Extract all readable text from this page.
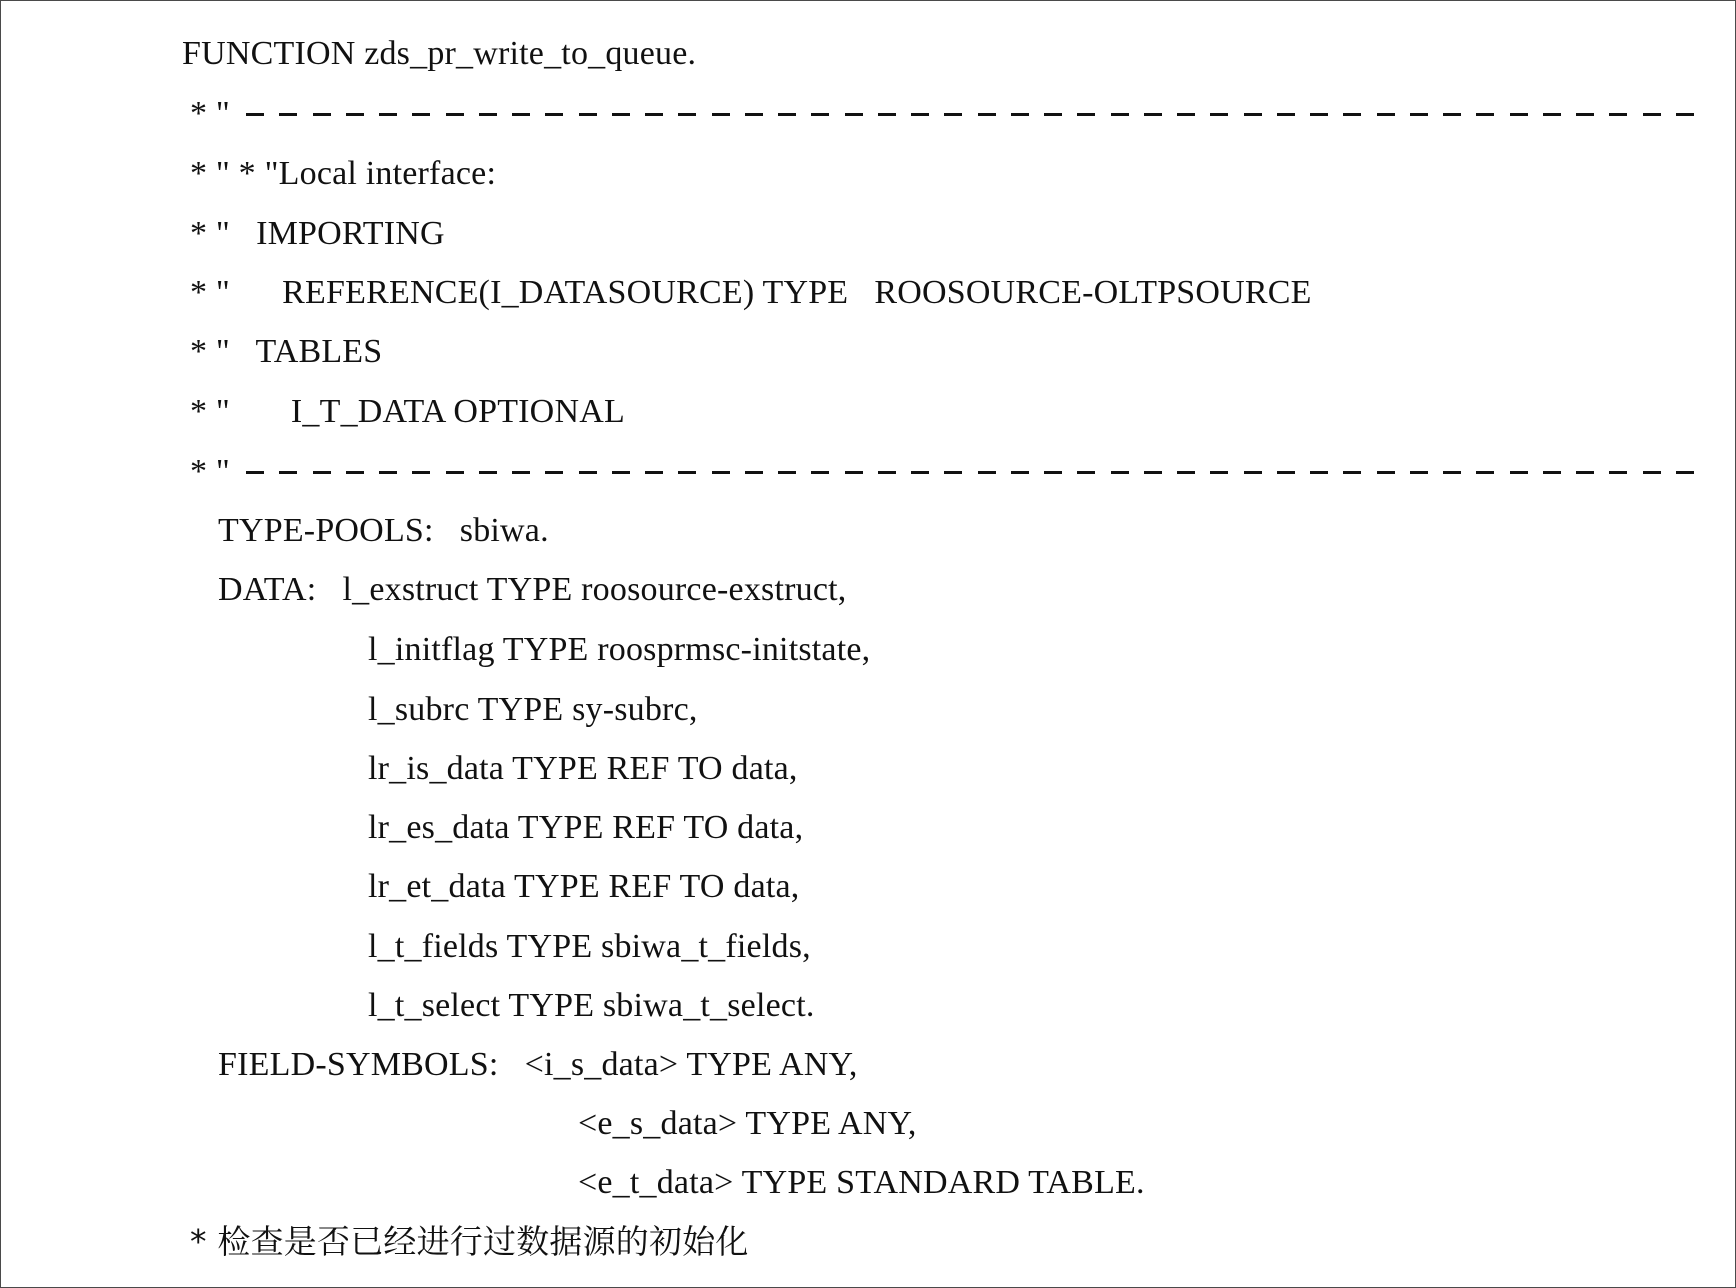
FUNCTION zds_pr_write_to_queue.
* "
* " * "Local interface:
* "   IMPORTING
* "      REFERENCE(I_DATASOURCE) TYPE   ROOSOURCE-OLTPSOURCE
* "   TABLES
* "       I_T_DATA OPTIONAL
* "
TYPE-POOLS:   sbiwa.
DATA:   l_exstruct TYPE roosource-exstruct,
l_initflag TYPE roosprmsc-initstate,
l_subrc TYPE sy-subrc,
lr_is_data TYPE REF TO data,
lr_es_data TYPE REF TO data,
lr_et_data TYPE REF TO data,
l_t_fields TYPE sbiwa_t_fields,
l_t_select TYPE sbiwa_t_select.
FIELD-SYMBOLS:   <i_s_data> TYPE ANY,
<e_s_data> TYPE ANY,
<e_t_data> TYPE STANDARD TABLE.
* 检查是否已经进行过数据源的初始化
